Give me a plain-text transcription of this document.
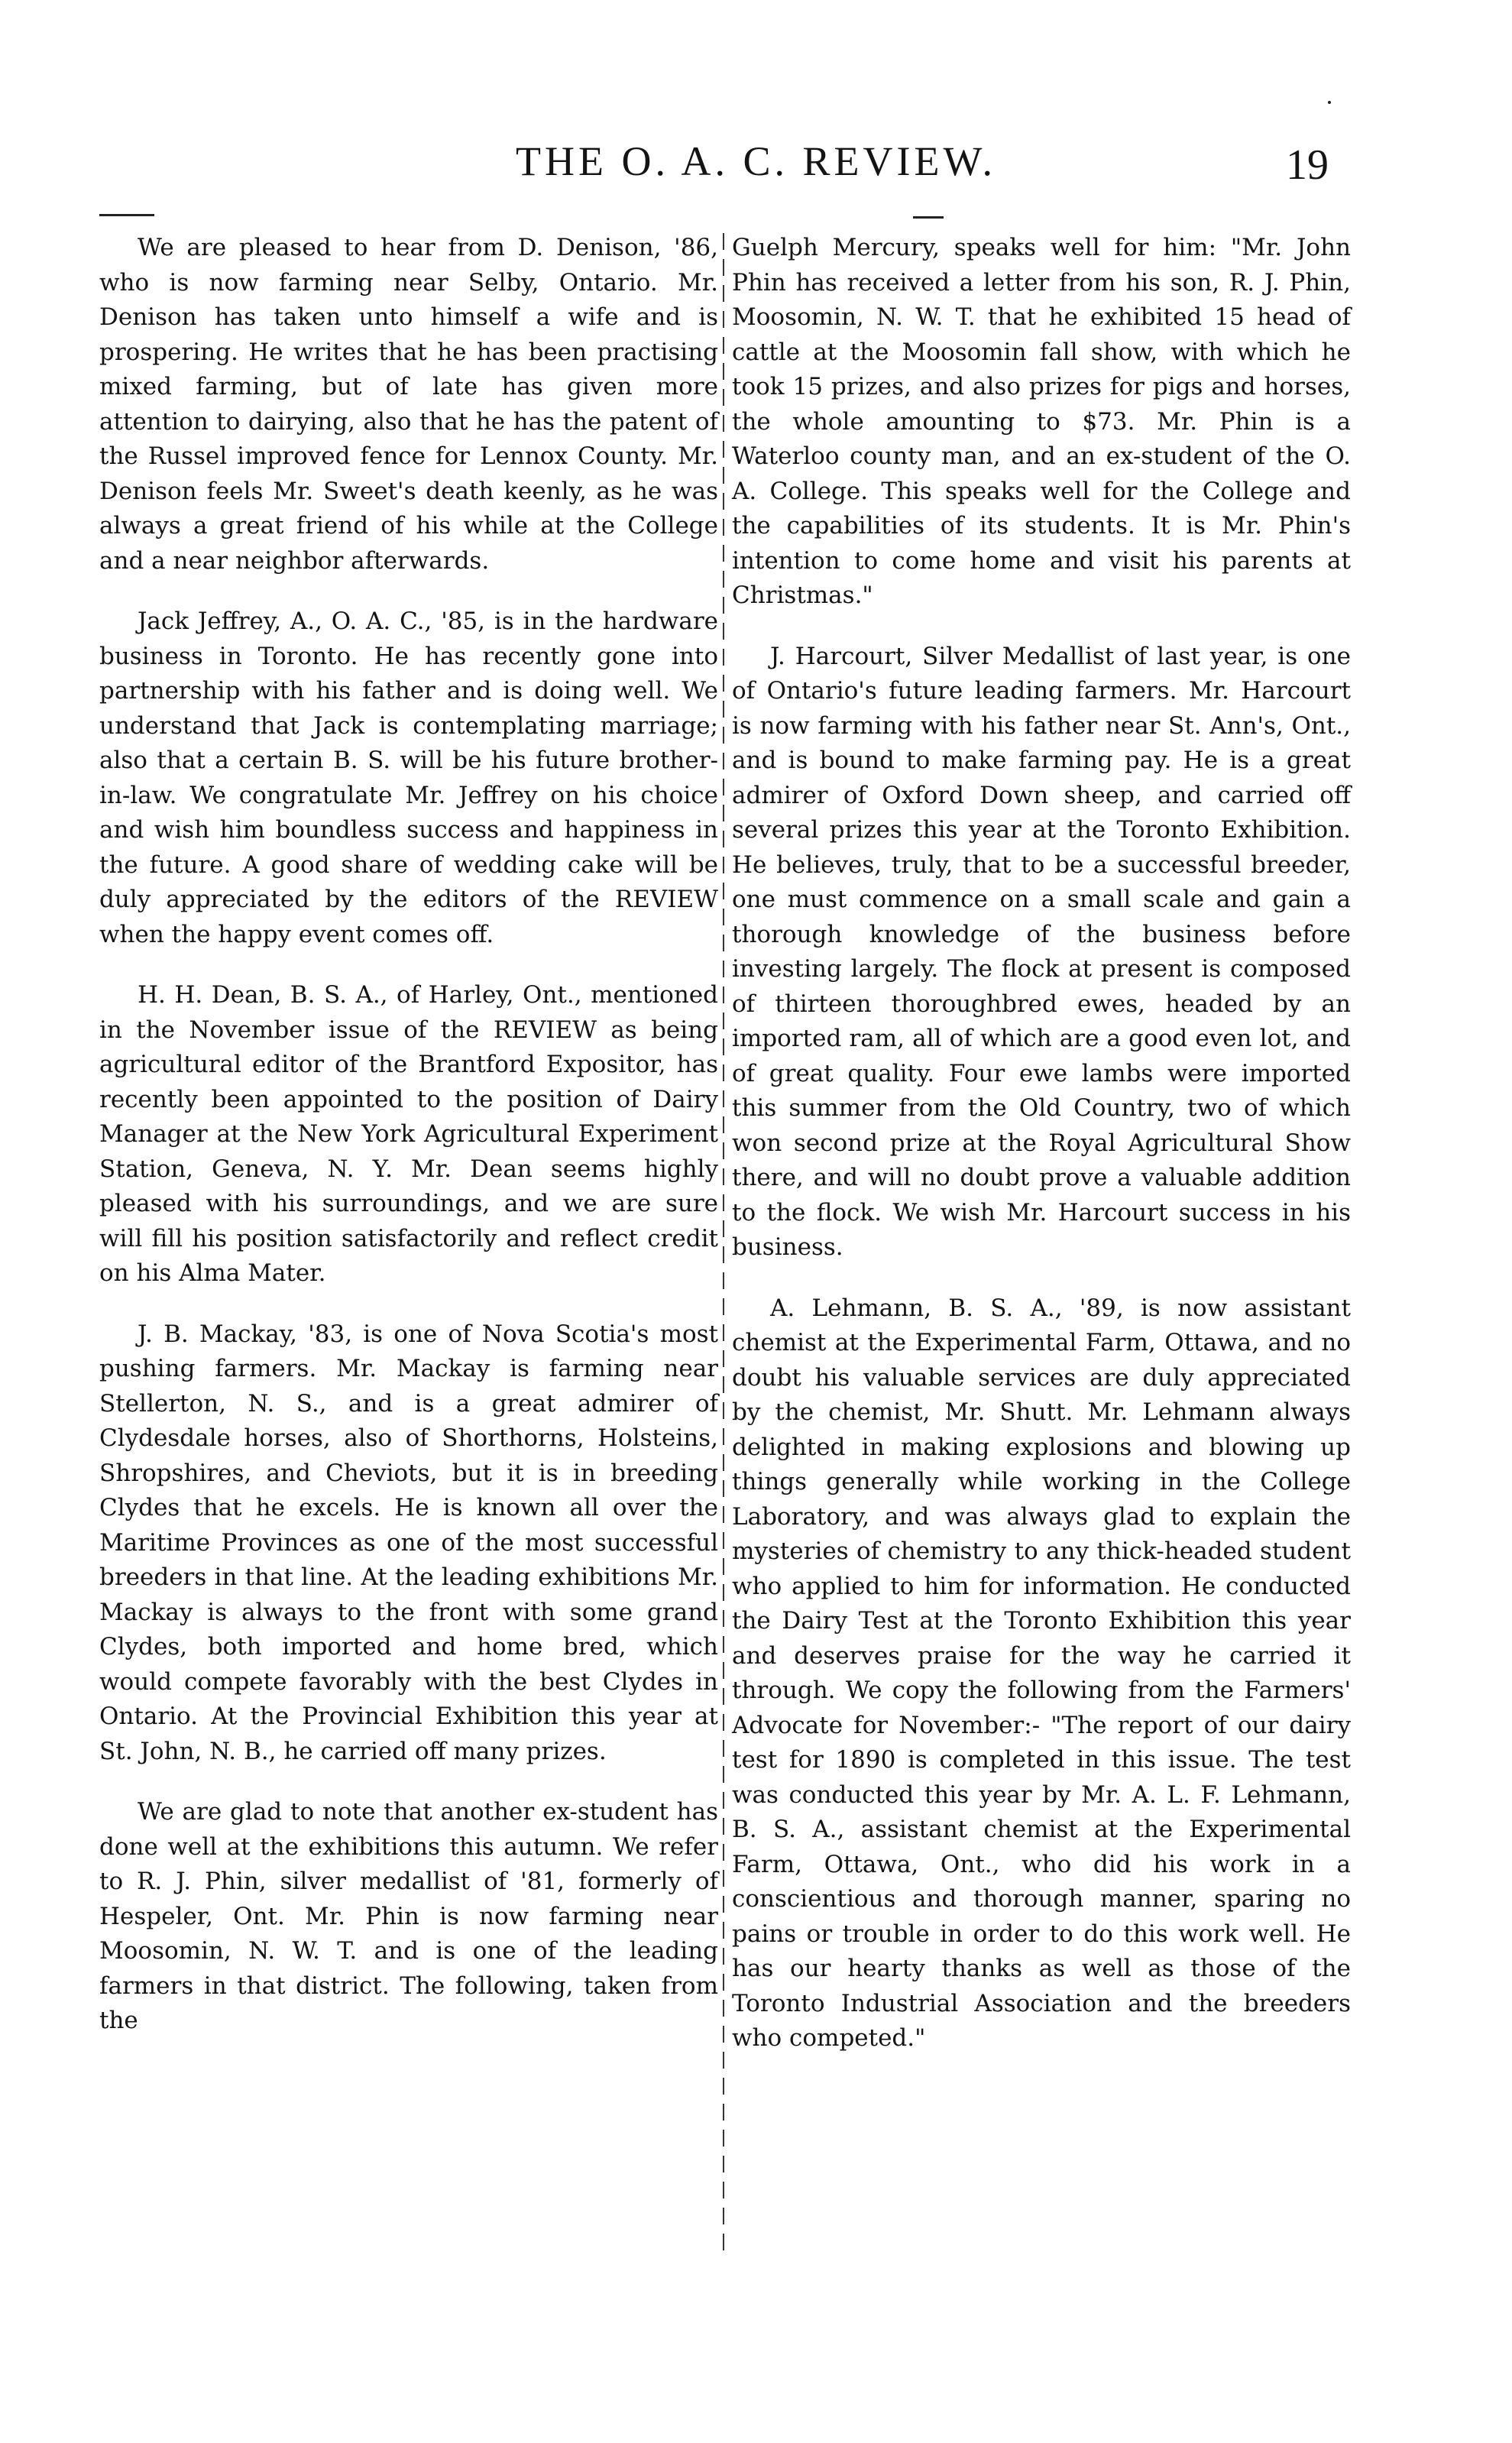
THE O. A. C. REVIEW.	19

We are pleased to hear from D. Denison, '86, who is now farming near Selby, Ontario. Mr. Denison has taken unto himself a wife and is prospering. He writes that he has been practising mixed farming, but of late has given more attention to dairying, also that he has the patent of the Russel improved fence for Lennox County. Mr. Denison feels Mr. Sweet's death keenly, as he was always a great friend of his while at the College and a near neighbor afterwards.

Jack Jeffrey, A., O. A. C., '85, is in the hardware business in Toronto. He has recently gone into partnership with his father and is doing well. We understand that Jack is contemplating marriage; also that a certain B. S. will be his future brother-in-law. We congratulate Mr. Jeffrey on his choice and wish him boundless success and happiness in the future. A good share of wedding cake will be duly appreciated by the editors of the REVIEW when the happy event comes off.

H. H. Dean, B. S. A., of Harley, Ont., mentioned in the November issue of the REVIEW as being agricultural editor of the Brantford Expositor, has recently been appointed to the position of Dairy Manager at the New York Agricultural Experiment Station, Geneva, N. Y. Mr. Dean seems highly pleased with his surroundings, and we are sure will fill his position satisfactorily and reflect credit on his Alma Mater.

J. B. Mackay, '83, is one of Nova Scotia's most pushing farmers. Mr. Mackay is farming near Stellerton, N. S., and is a great admirer of Clydesdale horses, also of Shorthorns, Holsteins, Shropshires, and Cheviots, but it is in breeding Clydes that he excels. He is known all over the Maritime Provinces as one of the most successful breeders in that line. At the leading exhibitions Mr. Mackay is always to the front with some grand Clydes, both imported and home bred, which would compete favorably with the best Clydes in Ontario. At the Provincial Exhibition this year at St. John, N. B., he carried off many prizes.

We are glad to note that another ex-student has done well at the exhibitions this autumn. We refer to R. J. Phin, silver medallist of '81, formerly of Hespeler, Ont. Mr. Phin is now farming near Moosomin, N. W. T. and is one of the leading farmers in that district. The following, taken from the

Guelph Mercury, speaks well for him: "Mr. John Phin has received a letter from his son, R. J. Phin, Moosomin, N. W. T. that he exhibited 15 head of cattle at the Moosomin fall show, with which he took 15 prizes, and also prizes for pigs and horses, the whole amounting to $73. Mr. Phin is a Waterloo county man, and an ex-student of the O. A. College. This speaks well for the College and the capabilities of its students. It is Mr. Phin's intention to come home and visit his parents at Christmas."

J. Harcourt, Silver Medallist of last year, is one of Ontario's future leading farmers. Mr. Harcourt is now farming with his father near St. Ann's, Ont., and is bound to make farming pay. He is a great admirer of Oxford Down sheep, and carried off several prizes this year at the Toronto Exhibition. He believes, truly, that to be a successful breeder, one must commence on a small scale and gain a thorough knowledge of the business before investing largely. The flock at present is composed of thirteen thoroughbred ewes, headed by an imported ram, all of which are a good even lot, and of great quality. Four ewe lambs were imported this summer from the Old Country, two of which won second prize at the Royal Agricultural Show there, and will no doubt prove a valuable addition to the flock. We wish Mr. Harcourt success in his business.

A. Lehmann, B. S. A., '89, is now assistant chemist at the Experimental Farm, Ottawa, and no doubt his valuable services are duly appreciated by the chemist, Mr. Shutt. Mr. Lehmann always delighted in making explosions and blowing up things generally while working in the College Laboratory, and was always glad to explain the mysteries of chemistry to any thick-headed student who applied to him for information. He conducted the Dairy Test at the Toronto Exhibition this year and deserves praise for the way he carried it through. We copy the following from the Farmers' Advocate for November:- "The report of our dairy test for 1890 is completed in this issue. The test was conducted this year by Mr. A. L. F. Lehmann, B. S. A., assistant chemist at the Experimental Farm, Ottawa, Ont., who did his work in a conscientious and thorough manner, sparing no pains or trouble in order to do this work well. He has our hearty thanks as well as those of the Toronto Industrial Association and the breeders who competed."
